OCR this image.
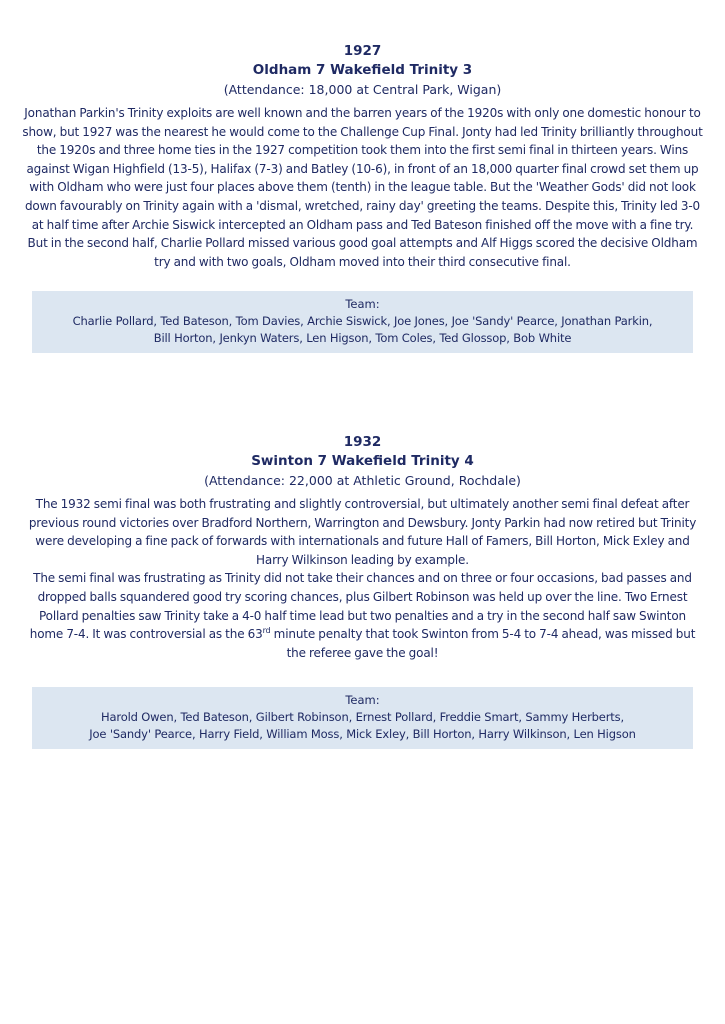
1927
Oldham 7 Wakefield Trinity 3
(Attendance: 18,000 at Central Park, Wigan)

Jonathan Parkin's Trinity exploits are well known and the barren years of the 1920s with only one domestic honour to show, but 1927 was the nearest he would come to the Challenge Cup Final. Jonty had led Trinity brilliantly throughout the 1920s and three home ties in the 1927 competition took them into the first semi final in thirteen years. Wins against Wigan Highfield (13-5), Halifax (7-3) and Batley (10-6), in front of an 18,000 quarter final crowd set them up with Oldham who were just four places above them (tenth) in the league table. But the 'Weather Gods' did not look down favourably on Trinity again with a 'dismal, wretched, rainy day' greeting the teams. Despite this, Trinity led 3-0 at half time after Archie Siswick intercepted an Oldham pass and Ted Bateson finished off the move with a fine try. But in the second half, Charlie Pollard missed various good goal attempts and Alf Higgs scored the decisive Oldham try and with two goals, Oldham moved into their third consecutive final.

Team:
Charlie Pollard, Ted Bateson, Tom Davies, Archie Siswick, Joe Jones, Joe 'Sandy' Pearce, Jonathan Parkin,
Bill Horton, Jenkyn Waters, Len Higson, Tom Coles, Ted Glossop, Bob White
1932
Swinton 7 Wakefield Trinity 4
(Attendance: 22,000 at Athletic Ground, Rochdale)

The 1932 semi final was both frustrating and slightly controversial, but ultimately another semi final defeat after previous round victories over Bradford Northern, Warrington and Dewsbury. Jonty Parkin had now retired but Trinity were developing a fine pack of forwards with internationals and future Hall of Famers, Bill Horton, Mick Exley and Harry Wilkinson leading by example.

The semi final was frustrating as Trinity did not take their chances and on three or four occasions, bad passes and dropped balls squandered good try scoring chances, plus Gilbert Robinson was held up over the line. Two Ernest Pollard penalties saw Trinity take a 4-0 half time lead but two penalties and a try in the second half saw Swinton home 7-4. It was controversial as the 63rd minute penalty that took Swinton from 5-4 to 7-4 ahead, was missed but the referee gave the goal!

Team:
Harold Owen, Ted Bateson, Gilbert Robinson, Ernest Pollard, Freddie Smart, Sammy Herberts,
Joe 'Sandy' Pearce, Harry Field, William Moss, Mick Exley, Bill Horton, Harry Wilkinson, Len Higson
